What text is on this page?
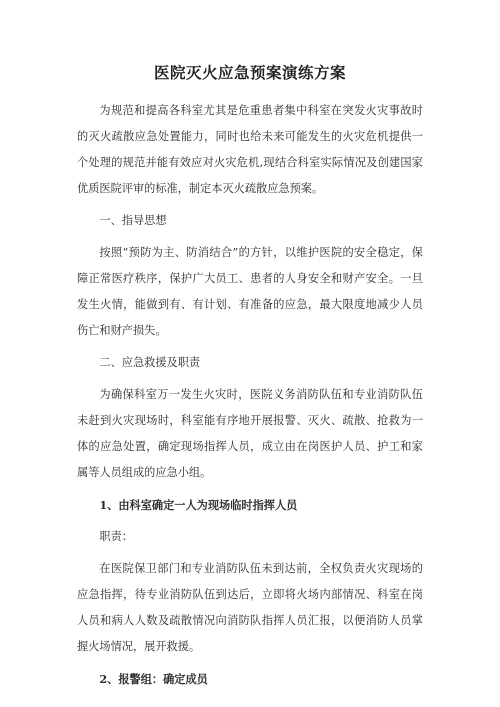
医院灭火应急预案演练方案

为规范和提高各科室尤其是危重患者集中科室在突发火灾事故时的灭火疏散应急处置能力，同时也给未来可能发生的火灾危机提供一个处理的规范并能有效应对火灾危机,现结合科室实际情况及创建国家优质医院评审的标准，制定本灭火疏散应急预案。

一、指导思想

按照“预防为主、防消结合”的方针，以维护医院的安全稳定，保障正常医疗秩序，保护广大员工、患者的人身安全和财产安全。一旦发生火情，能做到有、有计划、有准备的应急，最大限度地减少人员伤亡和财产损失。

二、应急救援及职责

为确保科室万一发生火灾时，医院义务消防队伍和专业消防队伍未赶到火灾现场时，科室能有序地开展报警、灭火、疏散、抢救为一体的应急处置，确定现场指挥人员，成立由在岗医护人员、护工和家属等人员组成的应急小组。

1、由科室确定一人为现场临时指挥人员

职责：

在医院保卫部门和专业消防队伍未到达前，全权负责火灾现场的应急指挥，待专业消防队伍到达后，立即将火场内部情况、科室在岗人员和病人人数及疏散情况向消防队指挥人员汇报，以便消防人员掌握火场情况，展开救援。

2、报警组：确定成员
